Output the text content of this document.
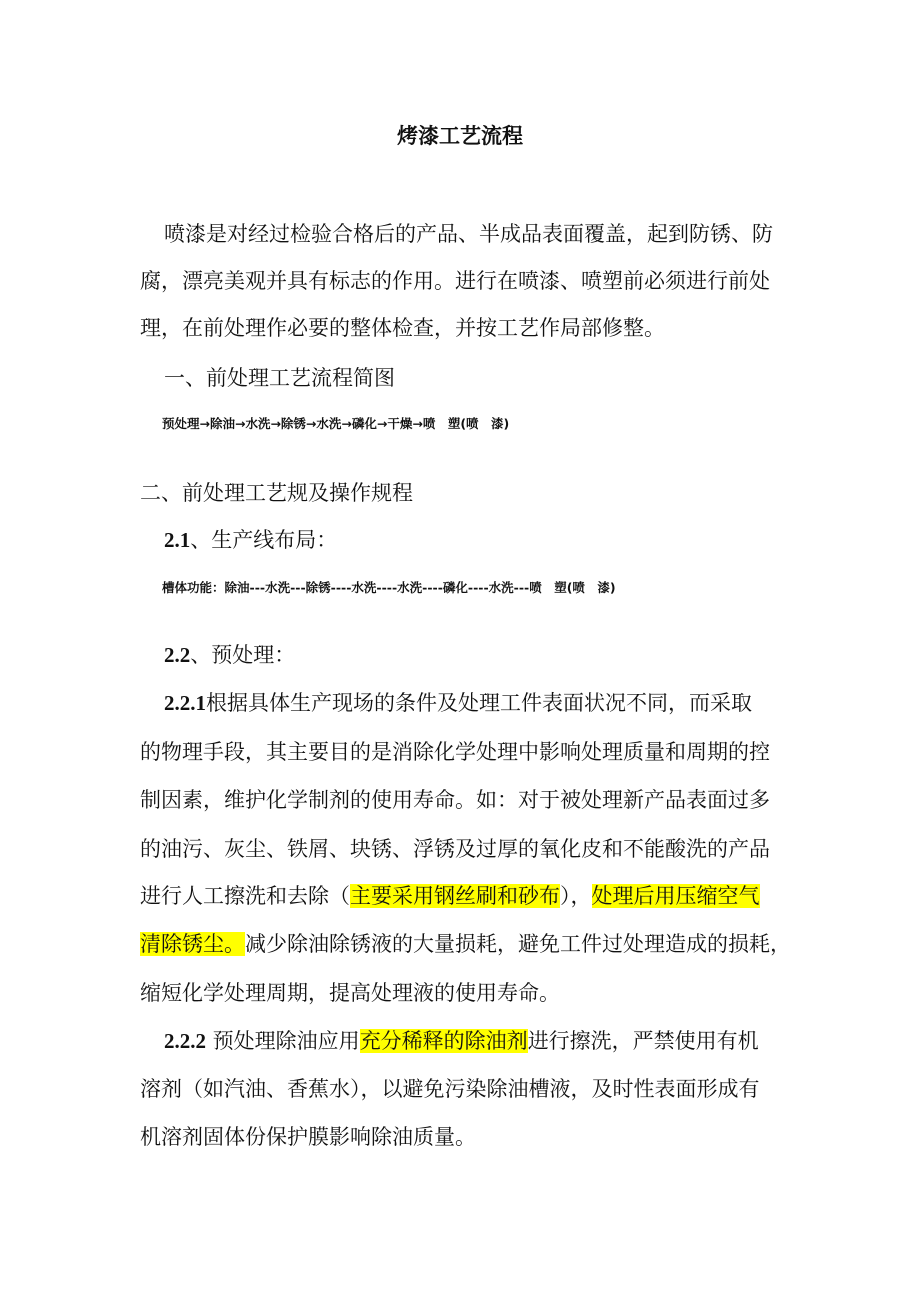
烤漆工艺流程
喷漆是对经过检验合格后的产品、半成品表面覆盖，起到防锈、防
腐，漂亮美观并具有标志的作用。进行在喷漆、喷塑前必须进行前处
理，在前处理作必要的整体检查，并按工艺作局部修整。
一、前处理工艺流程简图
预处理→除油→水洗→除锈→水洗→磷化→干燥→喷　塑(喷　漆)
二、前处理工艺规及操作规程
2.1、生产线布局：
槽体功能：除油---水洗---除锈----水洗----水洗----磷化----水洗---喷　塑(喷　漆)
2.2、预处理：
2.2.1根据具体生产现场的条件及处理工件表面状况不同，而采取
的物理手段，其主要目的是消除化学处理中影响处理质量和周期的控
制因素，维护化学制剂的使用寿命。如：对于被处理新产品表面过多
的油污、灰尘、铁屑、块锈、浮锈及过厚的氧化皮和不能酸洗的产品
进行人工擦洗和去除（主要采用钢丝刷和砂布），处理后用压缩空气
清除锈尘。减少除油除锈液的大量损耗，避免工件过处理造成的损耗，
缩短化学处理周期，提高处理液的使用寿命。
2.2.2 预处理除油应用充分稀释的除油剂进行擦洗，严禁使用有机
溶剂（如汽油、香蕉水），以避免污染除油槽液，及时性表面形成有
机溶剂固体份保护膜影响除油质量。
